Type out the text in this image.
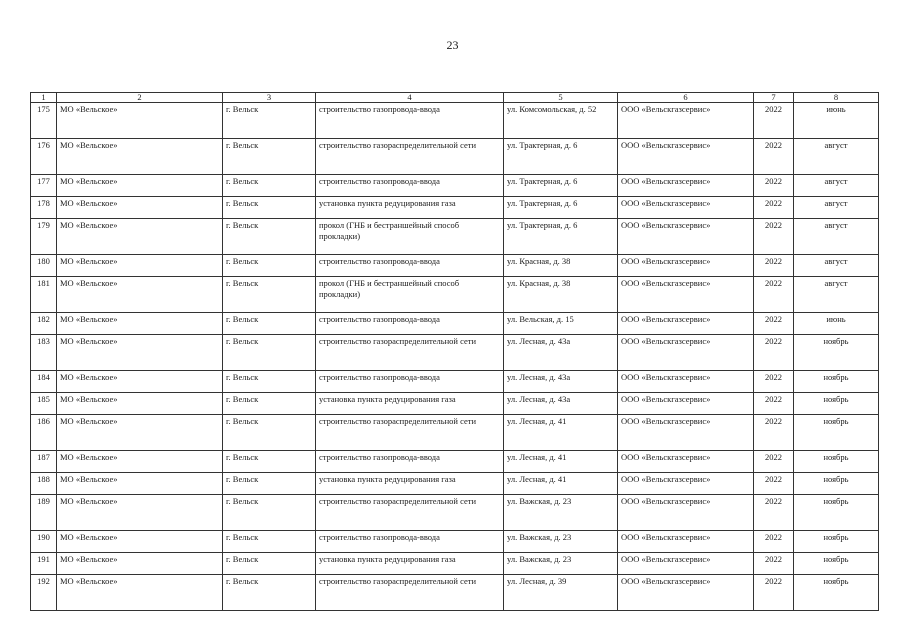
23
1	2	3	4	5	6	7	8
175	МО «Вельское»	г. Вельск	строительство газопровода-ввода	ул. Комсомольская, д. 52	ООО «Вельскгазсервис»	2022	июнь
176	МО «Вельское»	г. Вельск	строительство газораспределительной сети	ул. Трактерная, д. 6	ООО «Вельскгазсервис»	2022	август
177	МО «Вельское»	г. Вельск	строительство газопровода-ввода	ул. Трактерная, д. 6	ООО «Вельскгазсервис»	2022	август
178	МО «Вельское»	г. Вельск	установка пункта редуцирования газа	ул. Трактерная, д. 6	ООО «Вельскгазсервис»	2022	август
179	МО «Вельское»	г. Вельск	прокол (ГНБ и бестраншейный способ прокладки)	ул. Трактерная, д. 6	ООО «Вельскгазсервис»	2022	август
180	МО «Вельское»	г. Вельск	строительство газопровода-ввода	ул. Красная, д. 38	ООО «Вельскгазсервис»	2022	август
181	МО «Вельское»	г. Вельск	прокол (ГНБ и бестраншейный способ прокладки)	ул. Красная, д. 38	ООО «Вельскгазсервис»	2022	август
182	МО «Вельское»	г. Вельск	строительство газопровода-ввода	ул. Вельская, д. 15	ООО «Вельскгазсервис»	2022	июнь
183	МО «Вельское»	г. Вельск	строительство газораспределительной сети	ул. Лесная, д. 43а	ООО «Вельскгазсервис»	2022	ноябрь
184	МО «Вельское»	г. Вельск	строительство газопровода-ввода	ул. Лесная, д. 43а	ООО «Вельскгазсервис»	2022	ноябрь
185	МО «Вельское»	г. Вельск	установка пункта редуцирования газа	ул. Лесная, д. 43а	ООО «Вельскгазсервис»	2022	ноябрь
186	МО «Вельское»	г. Вельск	строительство газораспределительной сети	ул. Лесная, д. 41	ООО «Вельскгазсервис»	2022	ноябрь
187	МО «Вельское»	г. Вельск	строительство газопровода-ввода	ул. Лесная, д. 41	ООО «Вельскгазсервис»	2022	ноябрь
188	МО «Вельское»	г. Вельск	установка пункта редуцирования газа	ул. Лесная, д. 41	ООО «Вельскгазсервис»	2022	ноябрь
189	МО «Вельское»	г. Вельск	строительство газораспределительной сети	ул. Важская, д. 23	ООО «Вельскгазсервис»	2022	ноябрь
190	МО «Вельское»	г. Вельск	строительство газопровода-ввода	ул. Важская, д. 23	ООО «Вельскгазсервис»	2022	ноябрь
191	МО «Вельское»	г. Вельск	установка пункта редуцирования газа	ул. Важская, д. 23	ООО «Вельскгазсервис»	2022	ноябрь
192	МО «Вельское»	г. Вельск	строительство газораспределительной сети	ул. Лесная, д. 39	ООО «Вельскгазсервис»	2022	ноябрь
